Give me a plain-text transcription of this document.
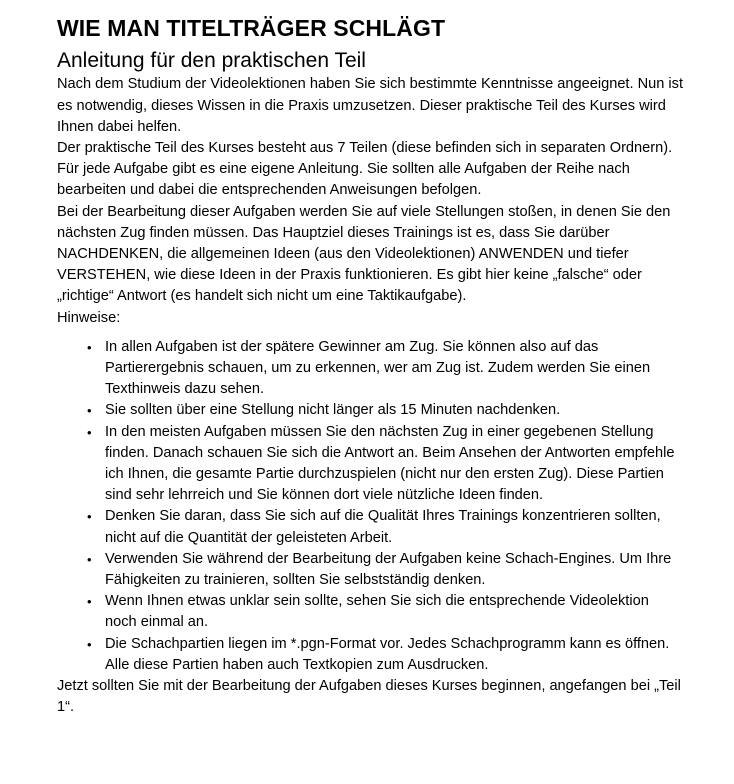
WIE MAN TITELTRÄGER SCHLÄGT
Anleitung für den praktischen Teil

Nach dem Studium der Videolektionen haben Sie sich bestimmte Kenntnisse angeeignet. Nun ist es notwendig, dieses Wissen in die Praxis umzusetzen. Dieser praktische Teil des Kurses wird Ihnen dabei helfen.

Der praktische Teil des Kurses besteht aus 7 Teilen (diese befinden sich in separaten Ordnern). Für jede Aufgabe gibt es eine eigene Anleitung. Sie sollten alle Aufgaben der Reihe nach bearbeiten und dabei die entsprechenden Anweisungen befolgen.

Bei der Bearbeitung dieser Aufgaben werden Sie auf viele Stellungen stoßen, in denen Sie den nächsten Zug finden müssen. Das Hauptziel dieses Trainings ist es, dass Sie darüber NACHDENKEN, die allgemeinen Ideen (aus den Videolektionen) ANWENDEN und tiefer VERSTEHEN, wie diese Ideen in der Praxis funktionieren. Es gibt hier keine „falsche“ oder „richtige“ Antwort (es handelt sich nicht um eine Taktikaufgabe).

Hinweise:

• In allen Aufgaben ist der spätere Gewinner am Zug. Sie können also auf das Partierergebnis schauen, um zu erkennen, wer am Zug ist. Zudem werden Sie einen Texthinweis dazu sehen.
• Sie sollten über eine Stellung nicht länger als 15 Minuten nachdenken.
• In den meisten Aufgaben müssen Sie den nächsten Zug in einer gegebenen Stellung finden. Danach schauen Sie sich die Antwort an. Beim Ansehen der Antworten empfehle ich Ihnen, die gesamte Partie durchzuspielen (nicht nur den ersten Zug). Diese Partien sind sehr lehrreich und Sie können dort viele nützliche Ideen finden.
• Denken Sie daran, dass Sie sich auf die Qualität Ihres Trainings konzentrieren sollten, nicht auf die Quantität der geleisteten Arbeit.
• Verwenden Sie während der Bearbeitung der Aufgaben keine Schach-Engines. Um Ihre Fähigkeiten zu trainieren, sollten Sie selbstständig denken.
• Wenn Ihnen etwas unklar sein sollte, sehen Sie sich die entsprechende Videolektion noch einmal an.
• Die Schachpartien liegen im *.pgn-Format vor. Jedes Schachprogramm kann es öffnen. Alle diese Partien haben auch Textkopien zum Ausdrucken.

Jetzt sollten Sie mit der Bearbeitung der Aufgaben dieses Kurses beginnen, angefangen bei „Teil 1“.
